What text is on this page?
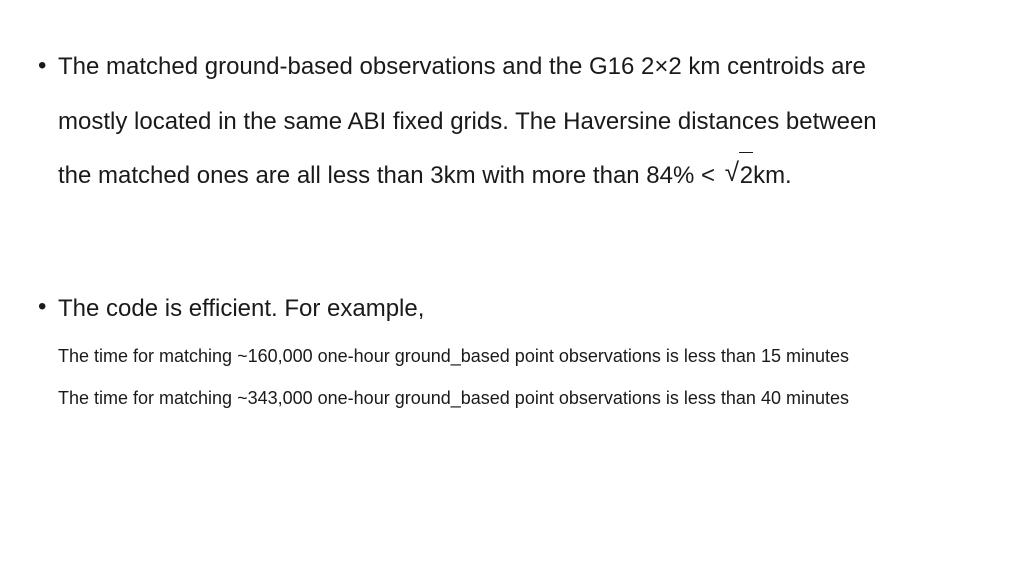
• The matched ground-based observations and the G16 2×2 km centroids are
mostly located in the same ABI fixed grids. The Haversine distances between
the matched ones are all less than 3km with more than 84% < √ 2km.
• The code is efficient. For example,
The time for matching ~160,000 one-hour ground_based point observations is less than 15 minutes
The time for matching ~343,000 one-hour ground_based point observations is less than 40 minutes
